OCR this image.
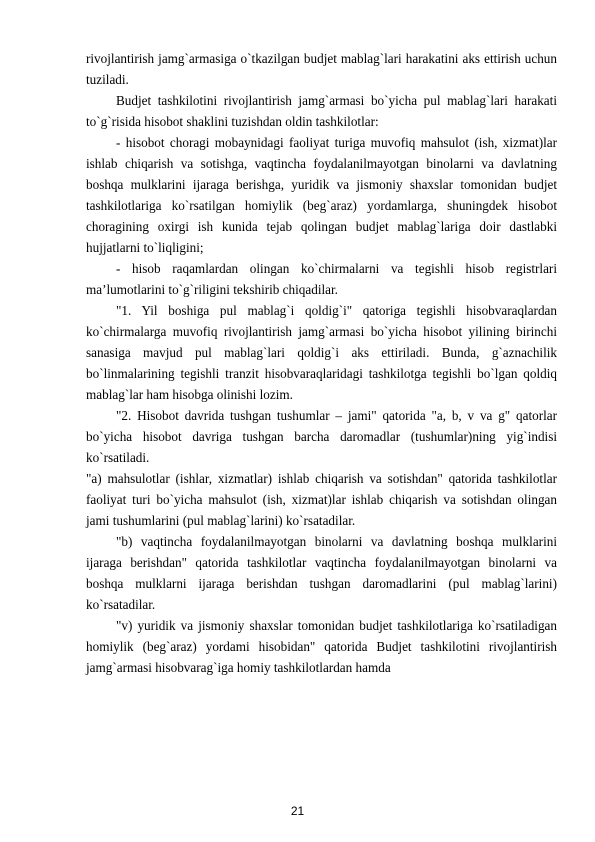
rivojlantirish jamg`armasiga o`tkazilgan budjet mablag`lari harakatini aks ettirish uchun tuziladi.

Budjet tashkilotini rivojlantirish jamg`armasi bo`yicha pul mablag`lari harakati to`g`risida hisobot shaklini tuzishdan oldin tashkilotlar:

- hisobot choragi mobaynidagi faoliyat turiga muvofiq mahsulot (ish, xizmat)lar ishlab chiqarish va sotishga, vaqtincha foydalanilmayotgan binolarni va davlatning boshqa mulklarini ijaraga berishga, yuridik va jismoniy shaxslar tomonidan budjet tashkilotlariga ko`rsatilgan homiylik (beg`araz) yordamlarga, shuningdek hisobot choragining oxirgi ish kunida tejab qolingan budjet mablag`lariga doir dastlabki hujjatlarni to`liqligini;

- hisob raqamlardan olingan ko`chirmalarni va tegishli hisob registrlari ma’lumotlarini to`g`riligini tekshirib chiqadilar.

"1. Yil boshiga pul mablag`i qoldig`i" qatoriga tegishli hisobvaraqlardan ko`chirmalarga muvofiq rivojlantirish jamg`armasi bo`yicha hisobot yilining birinchi sanasiga mavjud pul mablag`lari qoldig`i aks ettiriladi. Bunda, g`aznachilik bo`linmalarining tegishli tranzit hisobvaraqlaridagi tashkilotga tegishli bo`lgan qoldiq mablag`lar ham hisobga olinishi lozim.

"2. Hisobot davrida tushgan tushumlar – jami" qatorida "a, b, v va g" qatorlar bo`yicha hisobot davriga tushgan barcha daromadlar (tushumlar)ning yig`indisi ko`rsatiladi.

"a) mahsulotlar (ishlar, xizmatlar) ishlab chiqarish va sotishdan" qatorida tashkilotlar faoliyat turi bo`yicha mahsulot (ish, xizmat)lar ishlab chiqarish va sotishdan olingan jami tushumlarini (pul mablag`larini) ko`rsatadilar.

"b) vaqtincha foydalanilmayotgan binolarni va davlatning boshqa mulklarini ijaraga berishdan" qatorida tashkilotlar vaqtincha foydalanilmayotgan binolarni va boshqa mulklarni ijaraga berishdan tushgan daromadlarini (pul mablag`larini) ko`rsatadilar.

"v) yuridik va jismoniy shaxslar tomonidan budjet tashkilotlariga ko`rsatiladigan homiylik (beg`araz) yordami hisobidan" qatorida Budjet tashkilotini rivojlantirish jamg`armasi hisobvarag`iga homiy tashkilotlardan hamda

21
